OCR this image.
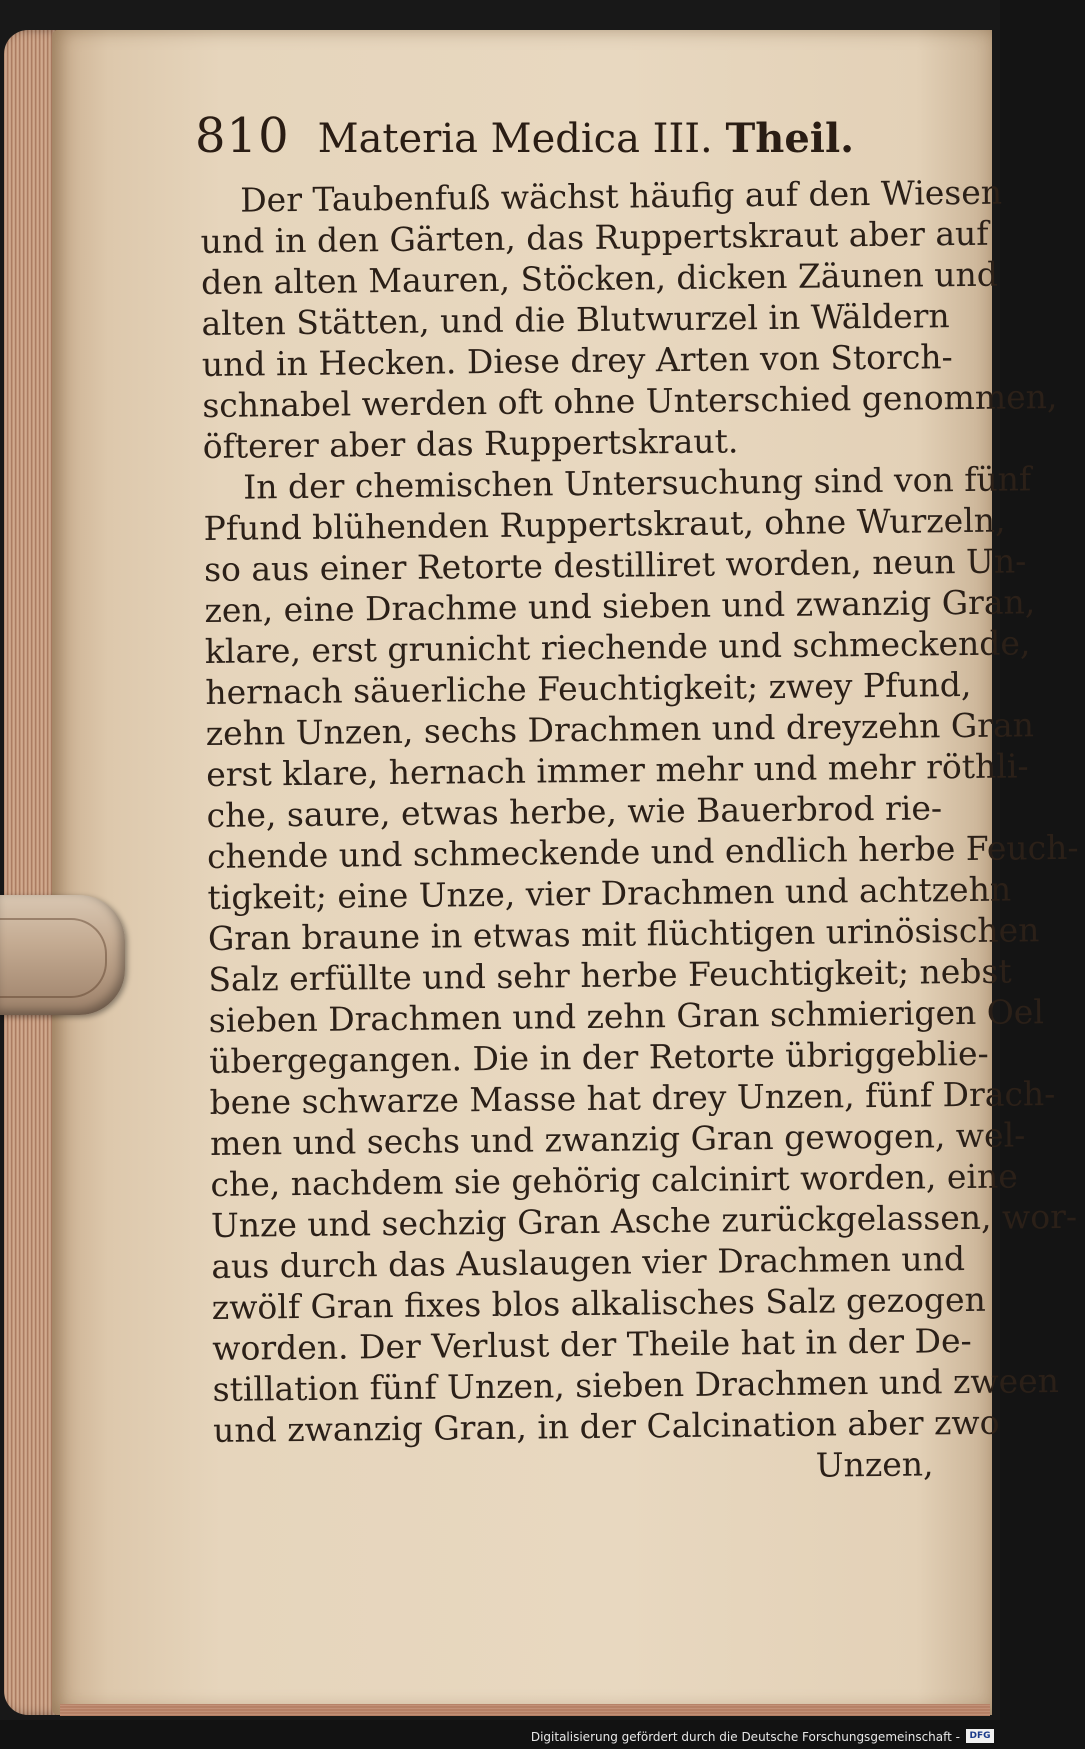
810 Materia Medica III. Theil.
Der Taubenfuß wächst häufig auf den Wiesen
und in den Gärten, das Ruppertskraut aber auf
den alten Mauren, Stöcken, dicken Zäunen und
alten Stätten, und die Blutwurzel in Wäldern
und in Hecken. Diese drey Arten von Storch-
schnabel werden oft ohne Unterschied genommen,
öfterer aber das Ruppertskraut.
In der chemischen Untersuchung sind von fünf
Pfund blühenden Ruppertskraut, ohne Wurzeln,
so aus einer Retorte destilliret worden, neun Un-
zen, eine Drachme und sieben und zwanzig Gran,
klare, erst grunicht riechende und schmeckende,
hernach säuerliche Feuchtigkeit; zwey Pfund,
zehn Unzen, sechs Drachmen und dreyzehn Gran
erst klare, hernach immer mehr und mehr röthli-
che, saure, etwas herbe, wie Bauerbrod rie-
chende und schmeckende und endlich herbe Feuch-
tigkeit; eine Unze, vier Drachmen und achtzehn
Gran braune in etwas mit flüchtigen urinösischen
Salz erfüllte und sehr herbe Feuchtigkeit; nebst
sieben Drachmen und zehn Gran schmierigen Oel
übergegangen. Die in der Retorte übriggeblie-
bene schwarze Masse hat drey Unzen, fünf Drach-
men und sechs und zwanzig Gran gewogen, wel-
che, nachdem sie gehörig calcinirt worden, eine
Unze und sechzig Gran Asche zurückgelassen, wor-
aus durch das Auslaugen vier Drachmen und
zwölf Gran fixes blos alkalisches Salz gezogen
worden. Der Verlust der Theile hat in der De-
stillation fünf Unzen, sieben Drachmen und zween
und zwanzig Gran, in der Calcination aber zwo
Unzen,
Digitalisierung gefördert durch die Deutsche Forschungsgemeinschaft -	DFG
